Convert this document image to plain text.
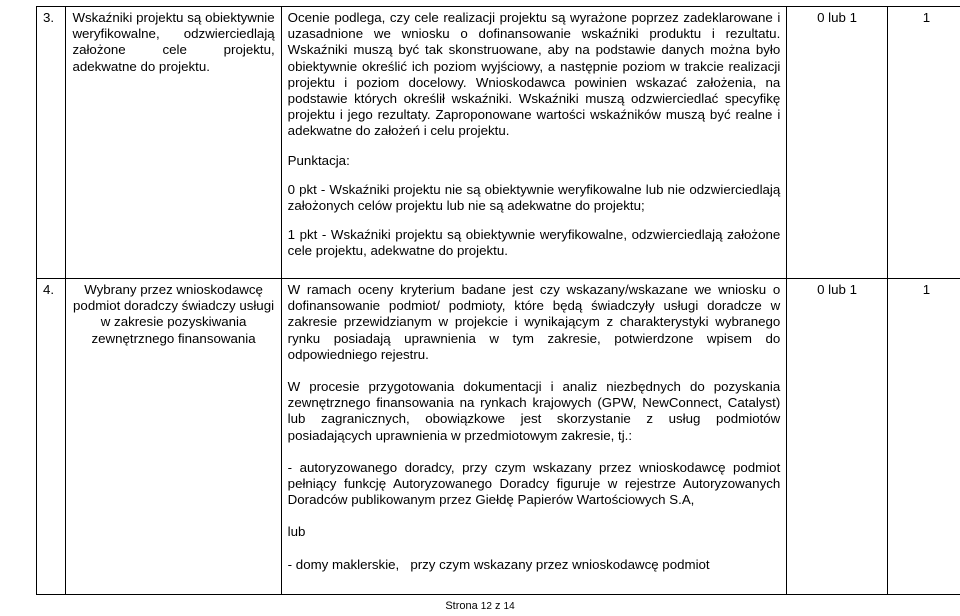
3.	Wskaźniki projektu są obiektywnie weryfikowalne, odzwierciedlają założone cele projektu, adekwatne do projektu.	Ocenie podlega, czy cele realizacji projektu są wyrażone poprzez zadeklarowane i uzasadnione we wniosku o dofinansowanie wskaźniki produktu i rezultatu. Wskaźniki muszą być tak skonstruowane, aby na podstawie danych można było obiektywnie określić ich poziom wyjściowy, a następnie poziom w trakcie realizacji projektu i poziom docelowy. Wnioskodawca powinien wskazać założenia, na podstawie których określił wskaźniki. Wskaźniki muszą odzwierciedlać specyfikę projektu i jego rezultaty. Zaproponowane wartości wskaźników muszą być realne i adekwatne do założeń i celu projektu.

Punktacja:

0 pkt - Wskaźniki projektu nie są obiektywnie weryfikowalne lub nie odzwierciedlają założonych celów projektu lub nie są adekwatne do projektu;

1 pkt - Wskaźniki projektu są obiektywnie weryfikowalne, odzwierciedlają założone cele projektu, adekwatne do projektu.	0 lub 1	1
4.	Wybrany przez wnioskodawcę podmiot doradczy świadczy usługi w zakresie pozyskiwania zewnętrznego finansowania	W ramach oceny kryterium badane jest czy wskazany/wskazane we wniosku o dofinansowanie podmiot/ podmioty, które będą świadczyły usługi doradcze w zakresie przewidzianym w projekcie i wynikającym z charakterystyki wybranego rynku posiadają uprawnienia w tym zakresie, potwierdzone wpisem do odpowiedniego rejestru.

W procesie przygotowania dokumentacji i analiz niezbędnych do pozyskania zewnętrznego finansowania na rynkach krajowych (GPW, NewConnect, Catalyst) lub zagranicznych, obowiązkowe jest skorzystanie z usług podmiotów posiadających uprawnienia w przedmiotowym zakresie, tj.:

- autoryzowanego doradcy, przy czym wskazany przez wnioskodawcę podmiot pełniący funkcję Autoryzowanego Doradcy figuruje w rejestrze Autoryzowanych Doradców publikowanym przez Giełdę Papierów Wartościowych S.A,

lub

- domy maklerskie,   przy czym wskazany przez wnioskodawcę podmiot	0 lub 1	1
Strona 12 z 14
